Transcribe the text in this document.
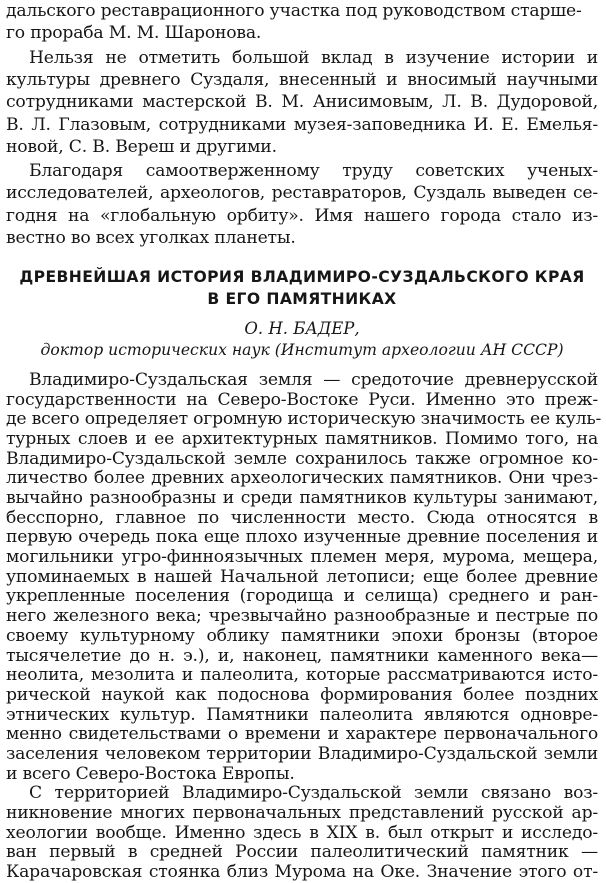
дальского реставрационного участка под руководством старше-
го прораба М. М. Шаронова.
Нельзя не отметить большой вклад в изучение истории и
культуры древнего Суздаля, внесенный и вносимый научными
сотрудниками мастерской В. М. Анисимовым, Л. В. Дудоровой,
В. Л. Глазовым, сотрудниками музея-заповедника И. Е. Емелья-
новой, С. В. Вереш и другими.
Благодаря самоотверженному труду советских ученых-
исследователей, археологов, реставраторов, Суздаль выведен се-
годня на «глобальную орбиту». Имя нашего города стало из-
вестно во всех уголках планеты.
ДРЕВНЕЙШАЯ ИСТОРИЯ ВЛАДИМИРО-СУЗДАЛЬСКОГО КРАЯ
В ЕГО ПАМЯТНИКАХ
О. Н. БАДЕР,
доктор исторических наук (Институт археологии АН СССР)
Владимиро-Суздальская земля — средоточие древнерусской
государственности на Северо-Востоке Руси. Именно это преж-
де всего определяет огромную историческую значимость ее куль-
турных слоев и ее архитектурных памятников. Помимо того, на
Владимиро-Суздальской земле сохранилось также огромное ко-
личество более древних археологических памятников. Они чрез-
вычайно разнообразны и среди памятников культуры занимают,
бесспорно, главное по численности место. Сюда относятся в
первую очередь пока еще плохо изученные древние поселения и
могильники угро-финноязычных племен меря, мурома, мещера,
упоминаемых в нашей Начальной летописи; еще более древние
укрепленные поселения (городища и селища) среднего и ран-
него железного века; чрезвычайно разнообразные и пестрые по
своему культурному облику памятники эпохи бронзы (второе
тысячелетие до н. э.), и, наконец, памятники каменного века—
неолита, мезолита и палеолита, которые рассматриваются исто-
рической наукой как подоснова формирования более поздних
этнических культур. Памятники палеолита являются одновре-
менно свидетельствами о времени и характере первоначального
заселения человеком территории Владимиро-Суздальской земли
и всего Северо-Востока Европы.
С территорией Владимиро-Суздальской земли связано воз-
никновение многих первоначальных представлений русской ар-
хеологии вообще. Именно здесь в XIX в. был открыт и исследо-
ван первый в средней России палеолитический памятник —
Карачаровская стоянка близ Мурома на Оке. Значение этого от-
